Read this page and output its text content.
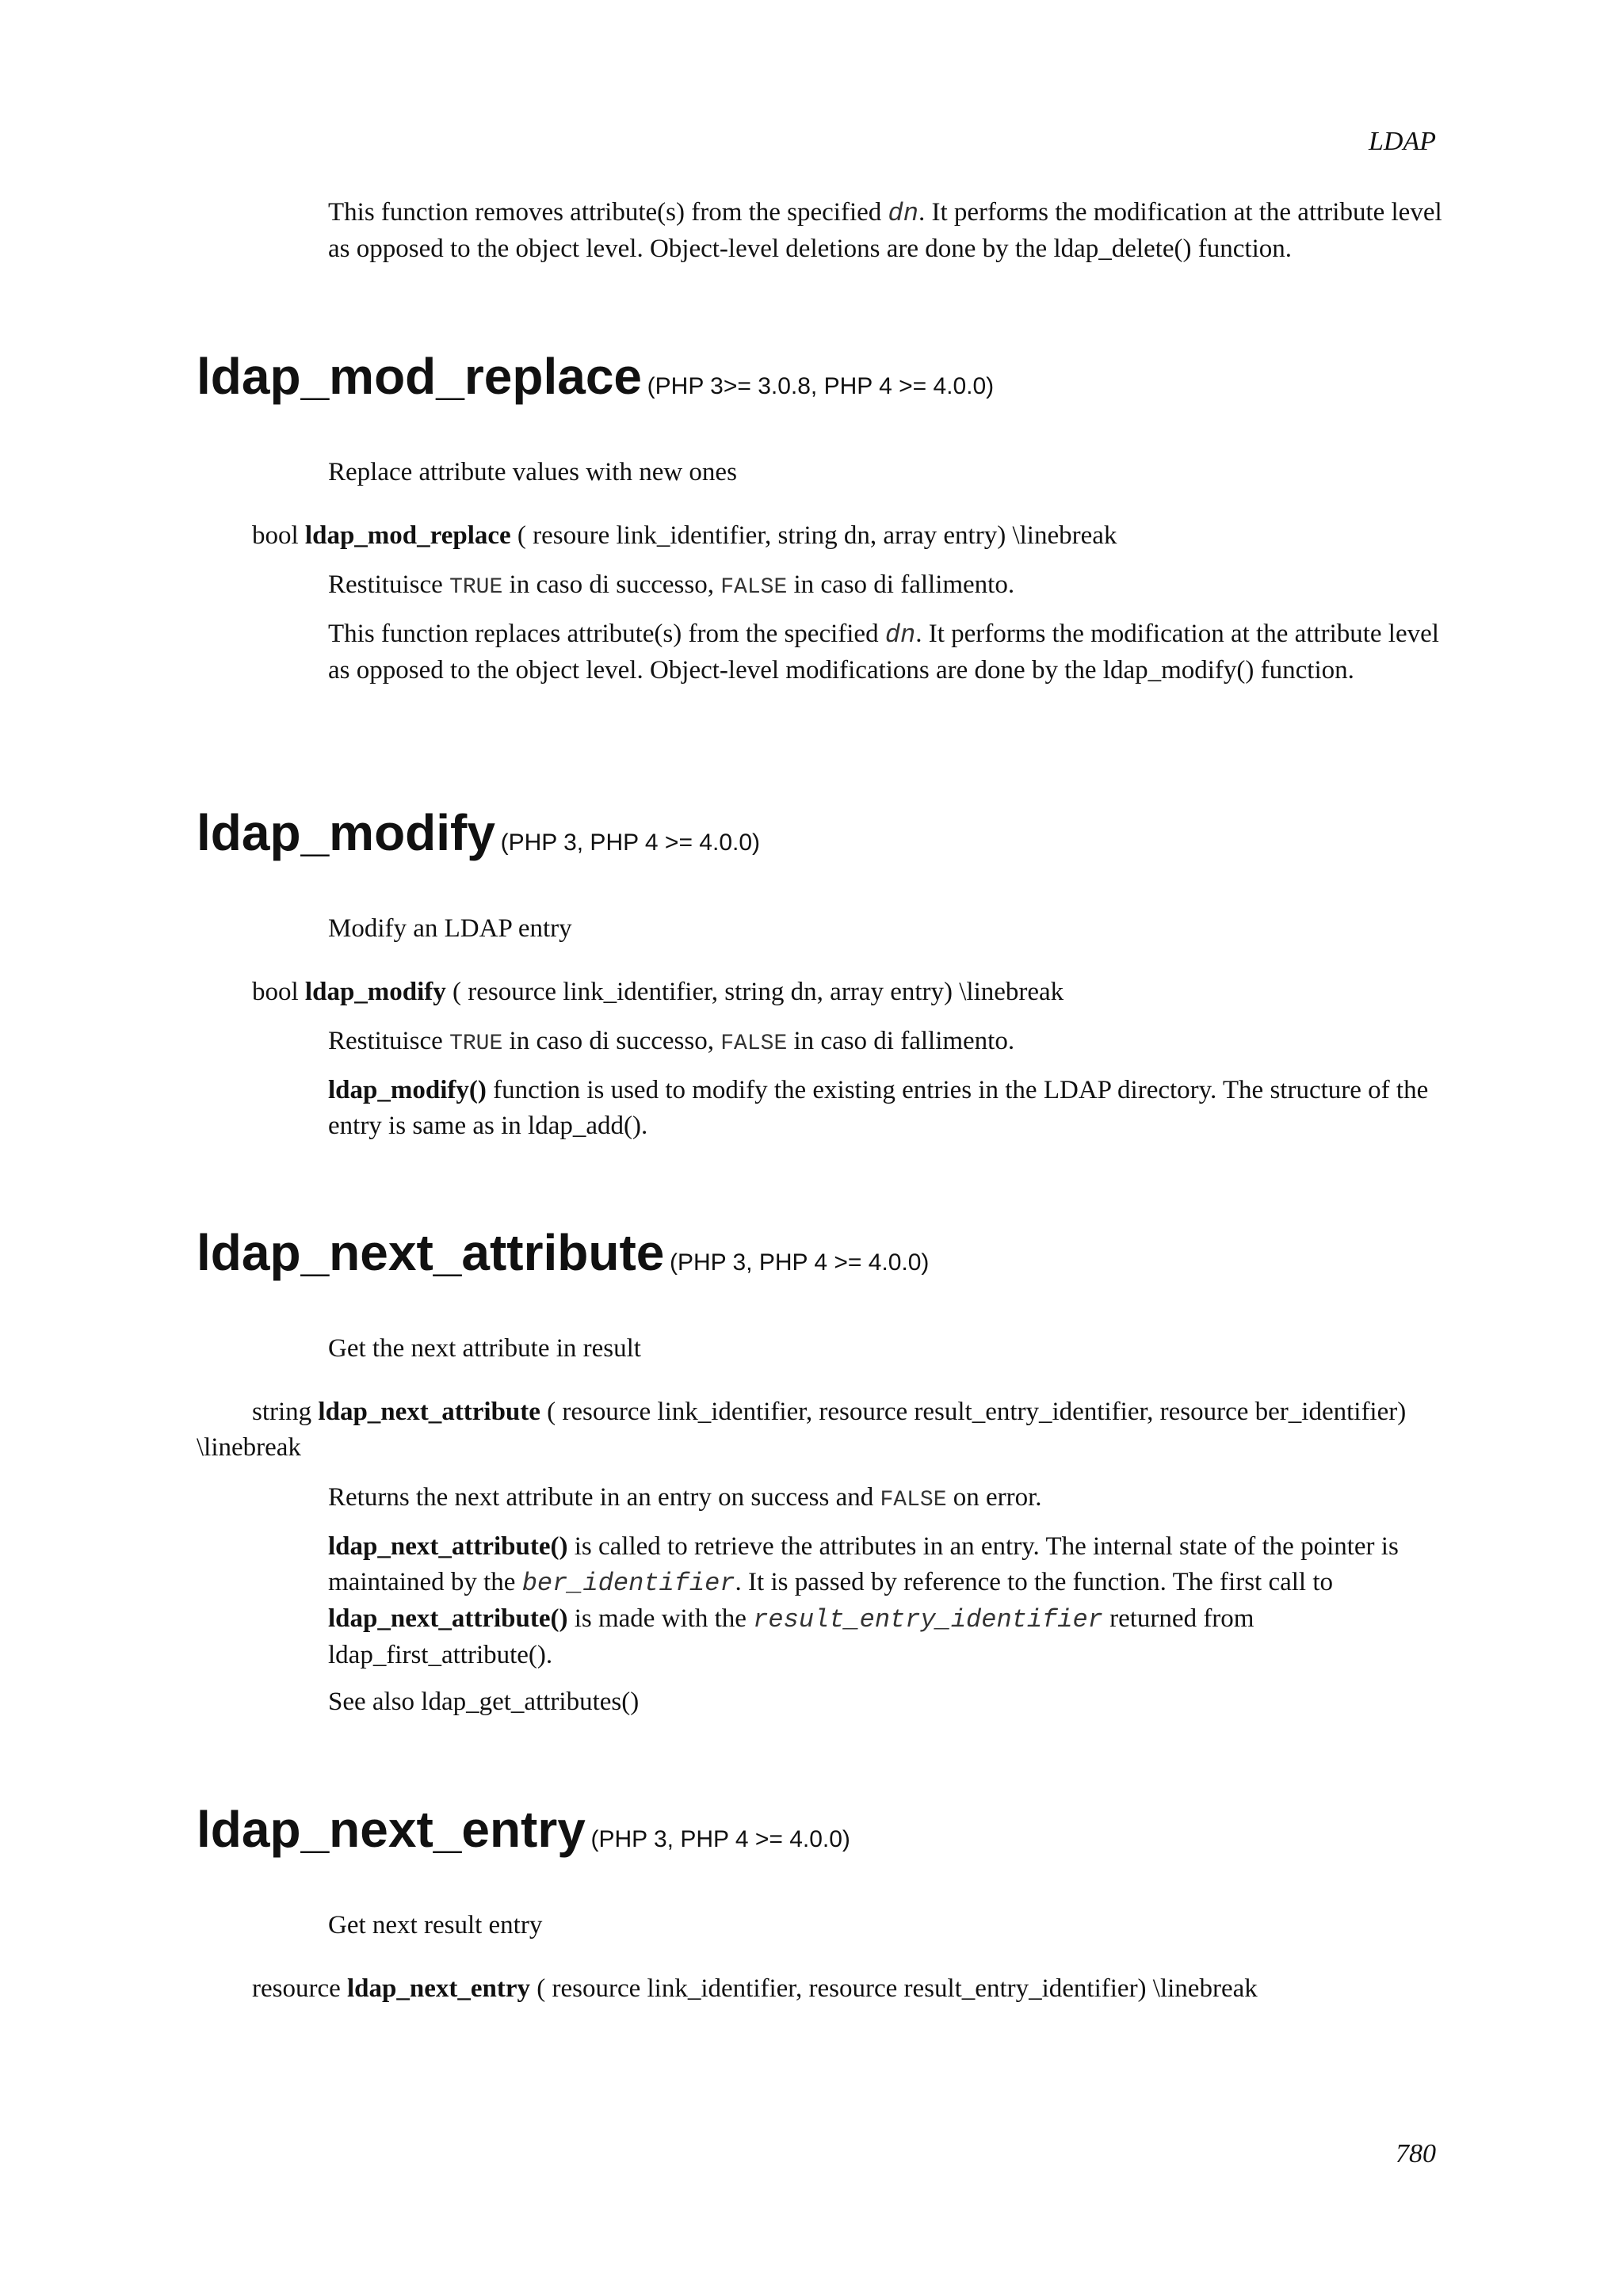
LDAP

This function removes attribute(s) from the specified dn. It performs the modification at the attribute level as opposed to the object level. Object-level deletions are done by the ldap_delete() function.

ldap_mod_replace (PHP 3>= 3.0.8, PHP 4 >= 4.0.0)

Replace attribute values with new ones

bool ldap_mod_replace ( resoure link_identifier, string dn, array entry) \linebreak

Restituisce TRUE in caso di successo, FALSE in caso di fallimento.

This function replaces attribute(s) from the specified dn. It performs the modification at the attribute level as opposed to the object level. Object-level modifications are done by the ldap_modify() function.

ldap_modify (PHP 3, PHP 4 >= 4.0.0)

Modify an LDAP entry

bool ldap_modify ( resource link_identifier, string dn, array entry) \linebreak

Restituisce TRUE in caso di successo, FALSE in caso di fallimento.

ldap_modify() function is used to modify the existing entries in the LDAP directory. The structure of the entry is same as in ldap_add().

ldap_next_attribute (PHP 3, PHP 4 >= 4.0.0)

Get the next attribute in result

string ldap_next_attribute ( resource link_identifier, resource result_entry_identifier, resource ber_identifier) \linebreak

Returns the next attribute in an entry on success and FALSE on error.

ldap_next_attribute() is called to retrieve the attributes in an entry. The internal state of the pointer is maintained by the ber_identifier. It is passed by reference to the function. The first call to ldap_next_attribute() is made with the result_entry_identifier returned from ldap_first_attribute().

See also ldap_get_attributes()

ldap_next_entry (PHP 3, PHP 4 >= 4.0.0)

Get next result entry

resource ldap_next_entry ( resource link_identifier, resource result_entry_identifier) \linebreak

780
